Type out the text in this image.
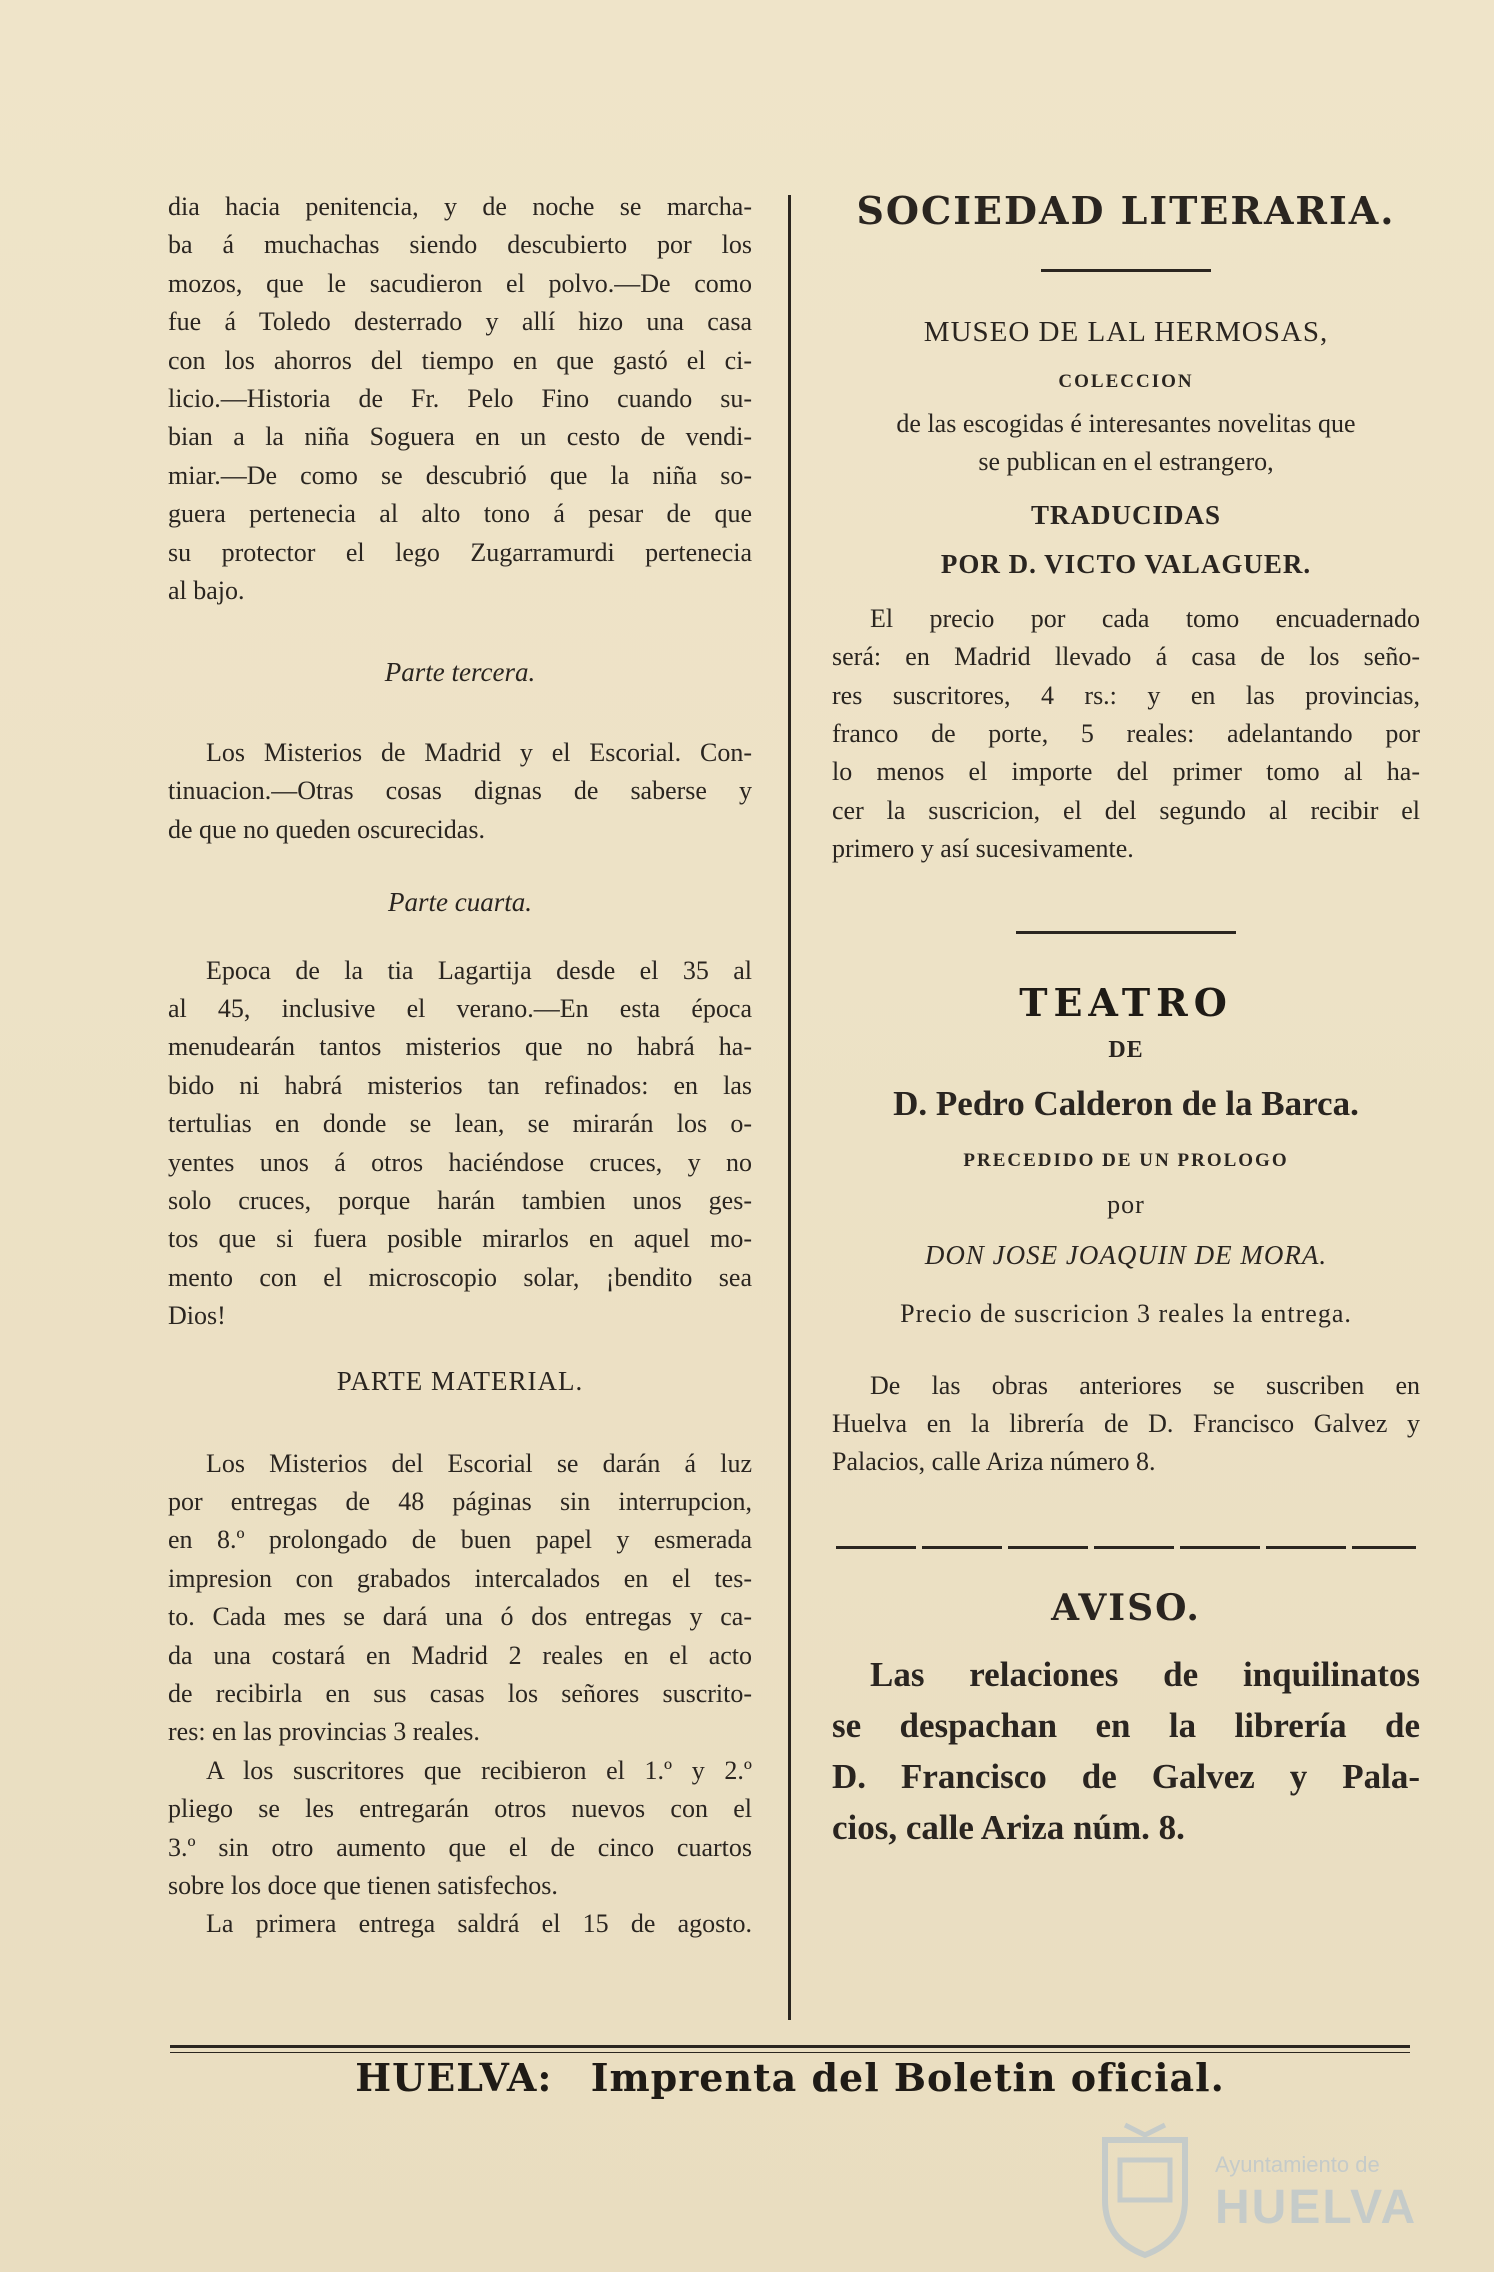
dia hacia penitencia, y de noche se marcha-
ba á muchachas siendo descubierto por los
mozos, que le sacudieron el polvo.—De como
fue á Toledo desterrado y allí hizo una casa
con los ahorros del tiempo en que gastó el ci-
licio.—Historia de Fr. Pelo Fino cuando su-
bian a la niña Soguera en un cesto de vendi-
miar.—De como se descubrió que la niña so-
guera pertenecia al alto tono á pesar de que
su protector el lego Zugarramurdi pertenecia
al bajo.

Parte tercera.

Los Misterios de Madrid y el Escorial. Con-
tinuacion.—Otras cosas dignas de saberse y
de que no queden oscurecidas.

Parte cuarta.

Epoca de la tia Lagartija desde el 35 al
al 45, inclusive el verano.—En esta época
menudearán tantos misterios que no habrá ha-
bido ni habrá misterios tan refinados: en las
tertulias en donde se lean, se mirarán los o-
yentes unos á otros haciéndose cruces, y no
solo cruces, porque harán tambien unos ges-
tos que si fuera posible mirarlos en aquel mo-
mento con el microscopio solar, ¡bendito sea
Dios!

PARTE MATERIAL.

Los Misterios del Escorial se darán á luz
por entregas de 48 páginas sin interrupcion,
en 8.º prolongado de buen papel y esmerada
impresion con grabados intercalados en el tes-
to. Cada mes se dará una ó dos entregas y ca-
da una costará en Madrid 2 reales en el acto
de recibirla en sus casas los señores suscrito-
res: en las provincias 3 reales.
A los suscritores que recibieron el 1.º y 2.º
pliego se les entregarán otros nuevos con el
3.º sin otro aumento que el de cinco cuartos
sobre los doce que tienen satisfechos.
La primera entrega saldrá el 15 de agosto.

SOCIEDAD LITERARIA.

MUSEO DE LAL HERMOSAS,

COLECCION

de las escogidas é interesantes novelitas que
se publican en el estrangero,

TRADUCIDAS

POR D. VICTO VALAGUER.

El precio por cada tomo encuadernado
será: en Madrid llevado á casa de los seño-
res suscritores, 4 rs.: y en las provincias,
franco de porte, 5 reales: adelantando por
lo menos el importe del primer tomo al ha-
cer la suscricion, el del segundo al recibir el
primero y así sucesivamente.

TEATRO

DE

D. Pedro Calderon de la Barca.

PRECEDIDO DE UN PROLOGO

por

DON JOSE JOAQUIN DE MORA.

Precio de suscricion 3 reales la entrega.

De las obras anteriores se suscriben en
Huelva en la librería de D. Francisco Galvez y
Palacios, calle Ariza número 8.

AVISO.

Las relaciones de inquilinatos
se despachan en la librería de
D. Francisco de Galvez y Pala-
cios, calle Ariza núm. 8.
HUELVA: Imprenta del Boletin oficial.
Ayuntamiento de
HUELVA
